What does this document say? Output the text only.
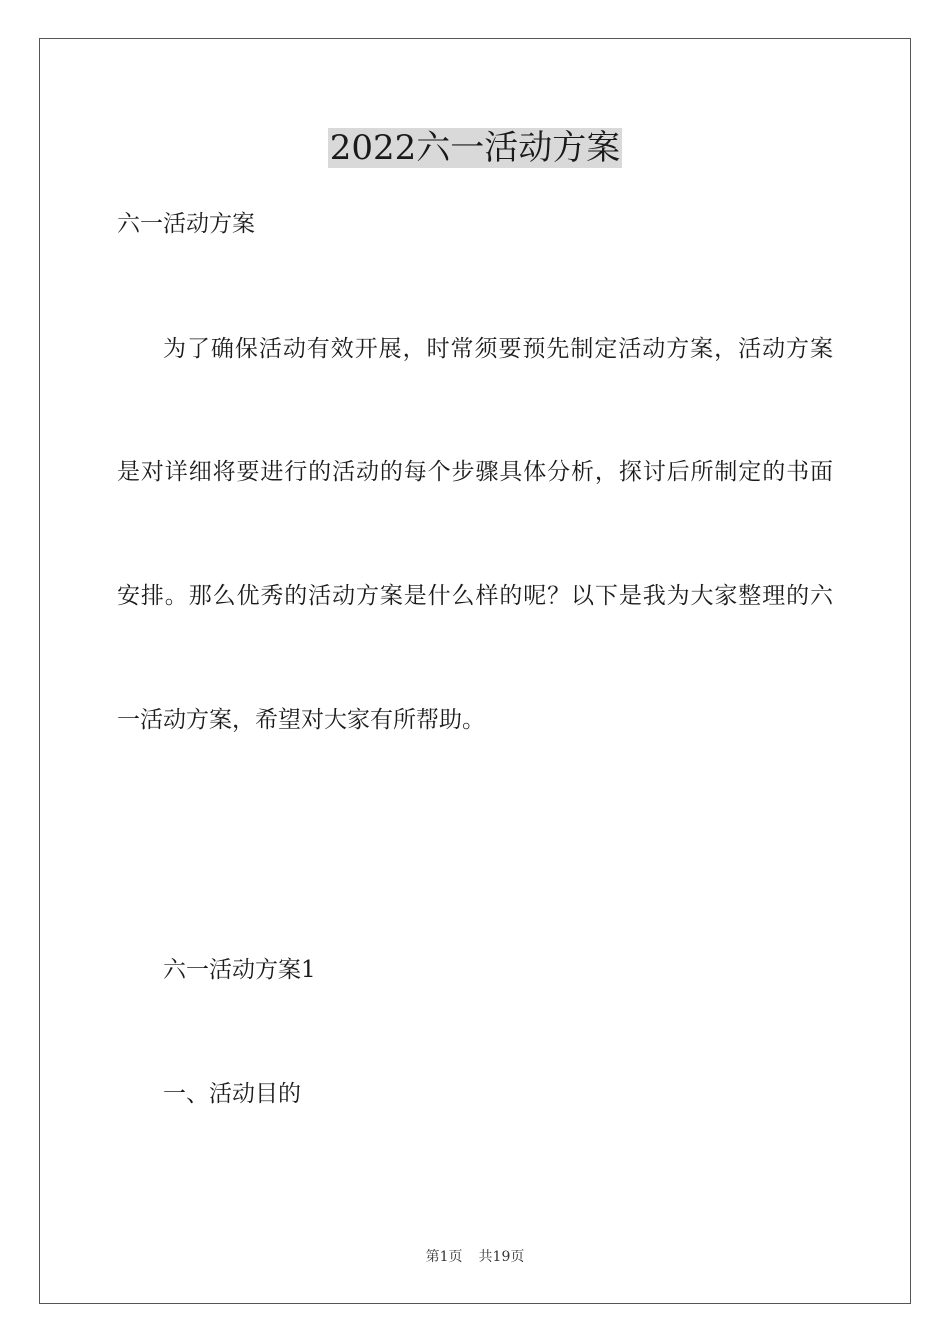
2022六一活动方案

六一活动方案

为了确保活动有效开展，时常须要预先制定活动方案，活动方案

是对详细将要进行的活动的每个步骤具体分析，探讨后所制定的书面

安排。那么优秀的活动方案是什么样的呢？以下是我为大家整理的六

一活动方案，希望对大家有所帮助。

六一活动方案1

一、活动目的

第1页 共19页
